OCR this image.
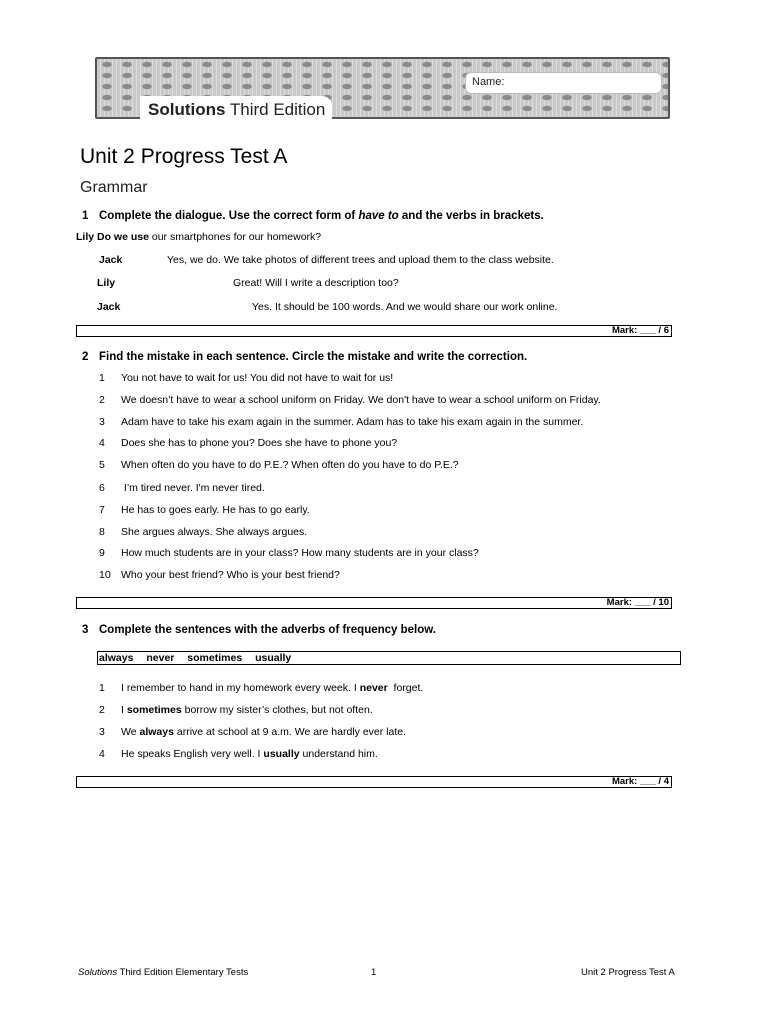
Name:
Solutions Third Edition
Unit 2 Progress Test A
Grammar
1 Complete the dialogue. Use the correct form of have to and the verbs in brackets.
Lily Do we use our smartphones for our homework?
Jack	Yes, we do. We take photos of different trees and upload them to the class website.
Lily	Great! Will I write a description too?
Jack	Yes. It should be 100 words. And we would share our work online.
Mark: ___ / 6
2 Find the mistake in each sentence. Circle the mistake and write the correction.
1 You not have to wait for us! You did not have to wait for us!
2 We doesn’t have to wear a school uniform on Friday. We don't have to wear a school uniform on Friday.
3 Adam have to take his exam again in the summer. Adam has to take his exam again in the summer.
4 Does she has to phone you? Does she have to phone you?
5 When often do you have to do P.E.? When often do you have to do P.E.?
6 I’m tired never. I'm never tired.
7 He has to goes early. He has to go early.
8 She argues always. She always argues.
9 How much students are in your class? How many students are in your class?
10 Who your best friend? Who is your best friend?
Mark: ___ / 10
3 Complete the sentences with the adverbs of frequency below.
always never sometimes usually
1 I remember to hand in my homework every week. I never  forget.
2 I sometimes borrow my sister’s clothes, but not often.
3 We always arrive at school at 9 a.m. We are hardly ever late.
4 He speaks English very well. I usually understand him.
Mark: ___ / 4
Solutions Third Edition Elementary Tests	1	Unit 2 Progress Test A
